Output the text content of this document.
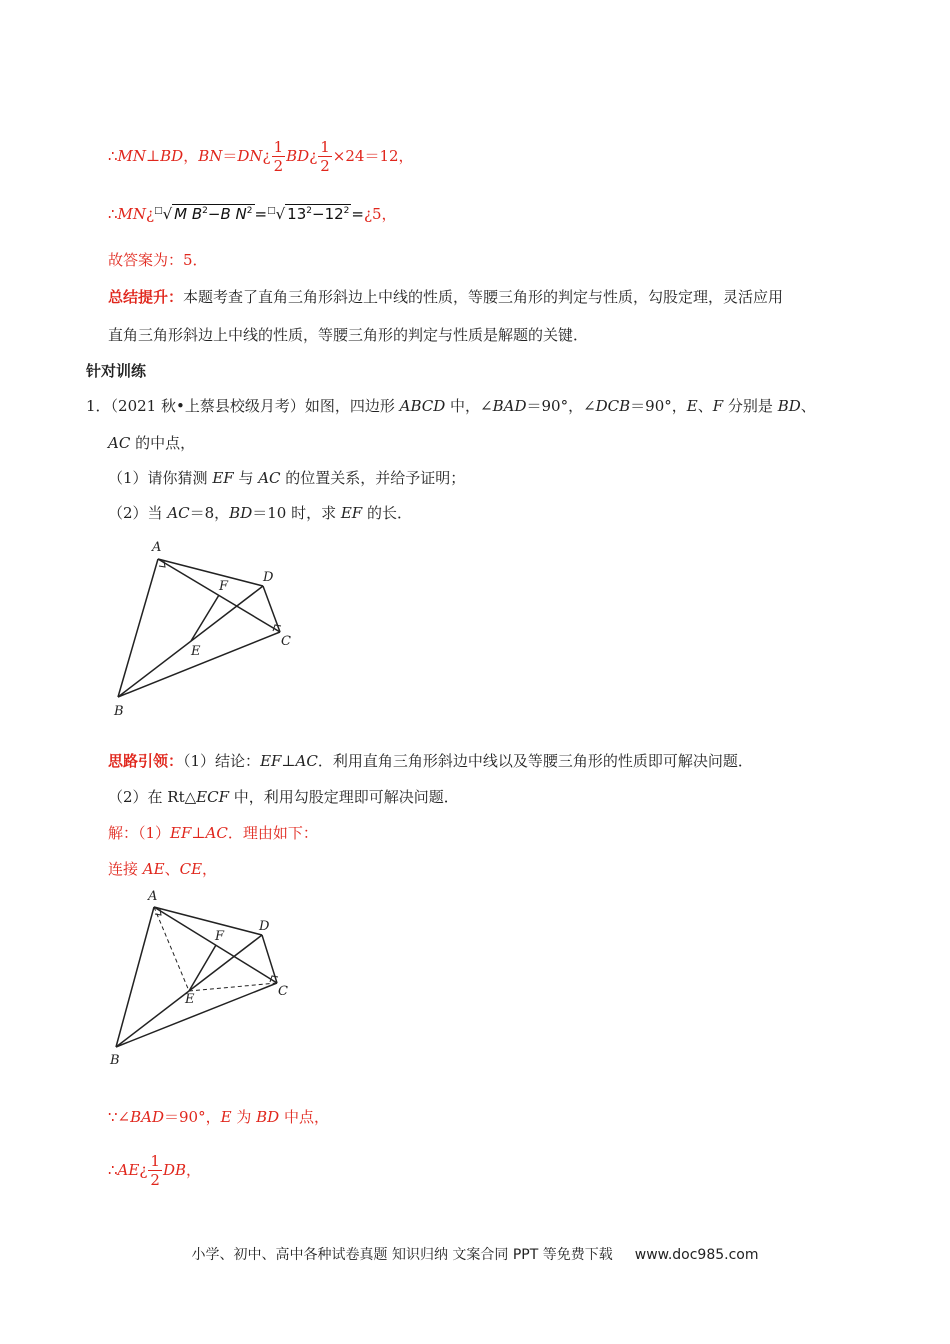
∴MN⊥BD，BN＝DN¿ $\frac{1}{2}$ BD¿ $\frac{1}{2} \times 24=12$，
∴MN¿□√ M $B^2-B$ $N^2 =^□√$ $13^2-12^2$ =¿5，
故答案为：5．
总结提升：本题考查了直角三角形斜边上中线的性质，等腰三角形的判定与性质，勾股定理，灵活应用
直角三角形斜边上中线的性质，等腰三角形的判定与性质是解题的关键．
针对训练
1．（2021 秋•上蔡县校级月考）如图，四边形 ABCD 中，∠BAD＝90°，∠DCB＝90°，E、F 分别是 BD、
AC 的中点，
（1）请你猜测 EF 与 AC 的位置关系，并给予证明；
（2）当 AC＝8，BD＝10 时，求 EF 的长．
A
B
C
D
E
F
思路引领：（1）结论：EF⊥AC．利用直角三角形斜边中线以及等腰三角形的性质即可解决问题．
（2）在 Rt△ECF 中，利用勾股定理即可解决问题．
解：（1）EF⊥AC．理由如下：
连接 AE、CE，
A
B
C
D
E
F
∵∠BAD＝90°，E 为 BD 中点，
∴AE¿ $\frac{1}{2}$ DB，
小学、初中、高中各种试卷真题 知识归纳 文案合同 PPT 等免费下载 www.doc985.com
